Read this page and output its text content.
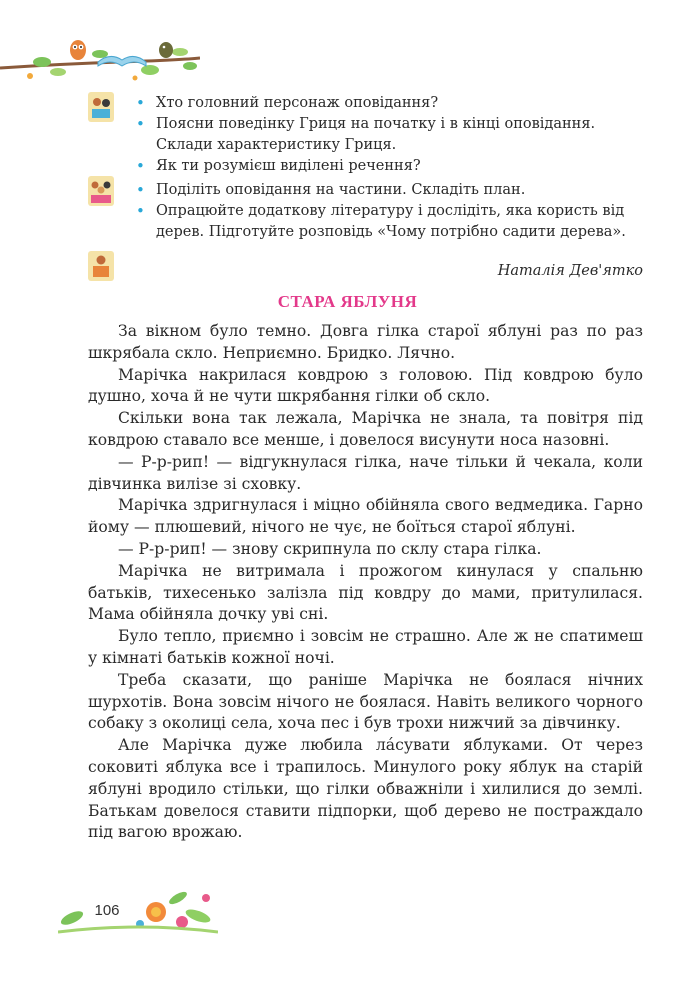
• Хто головний персонаж оповідання?
• Поясни поведінку Гриця на початку і в кінці оповідання. Склади характеристику Гриця.
• Як ти розумієш виділені речення?
• Поділіть оповідання на частини. Складіть план.
• Опрацюйте додаткову літературу і дослідіть, яка користь від дерев. Підготуйте розповідь «Чому потрібно садити дерева».
Наталія Дев'ятко
СТАРА ЯБЛУНЯ

За вікном було темно. Довга гілка старої яблуні раз по раз шкрябала скло. Неприємно. Бридко. Лячно.

Марічка накрилася ковдрою з головою. Під ковдрою було душно, хоча й не чути шкрябання гілки об скло.

Скільки вона так лежала, Марічка не знала, та повітря під ковдрою ставало все менше, і довелося висунути носа назовні.

— Р-р-рип! — відгукнулася гілка, наче тільки й чекала, коли дівчинка вилізе зі сховку.

Марічка здригнулася і міцно обійняла свого ведмедика. Гарно йому — плюшевий, нічого не чує, не боїться старої яблуні.

— Р-р-рип! — знову скрипнула по склу стара гілка.

Марічка не витримала і прожогом кинулася у спальню батьків, тихесенько залізла під ковдру до мами, притулилася. Мама обійняла дочку уві сні.

Було тепло, приємно і зовсім не страшно. Але ж не спатимеш у кімнаті батьків кожної ночі.

Треба сказати, що раніше Марічка не боялася нічних шурхотів. Вона зовсім нічого не боялася. Навіть великого чорного собаку з околиці села, хоча пес і був трохи нижчий за дівчинку.

Але Марічка дуже любила ла́сувати яблуками. От через соковиті яблука все і трапилось. Минулого року яблук на старій яблуні вродило стільки, що гілки обважніли і хилилися до землі. Батькам довелося ставити підпорки, щоб дерево не постраждало під вагою врожаю.

106
